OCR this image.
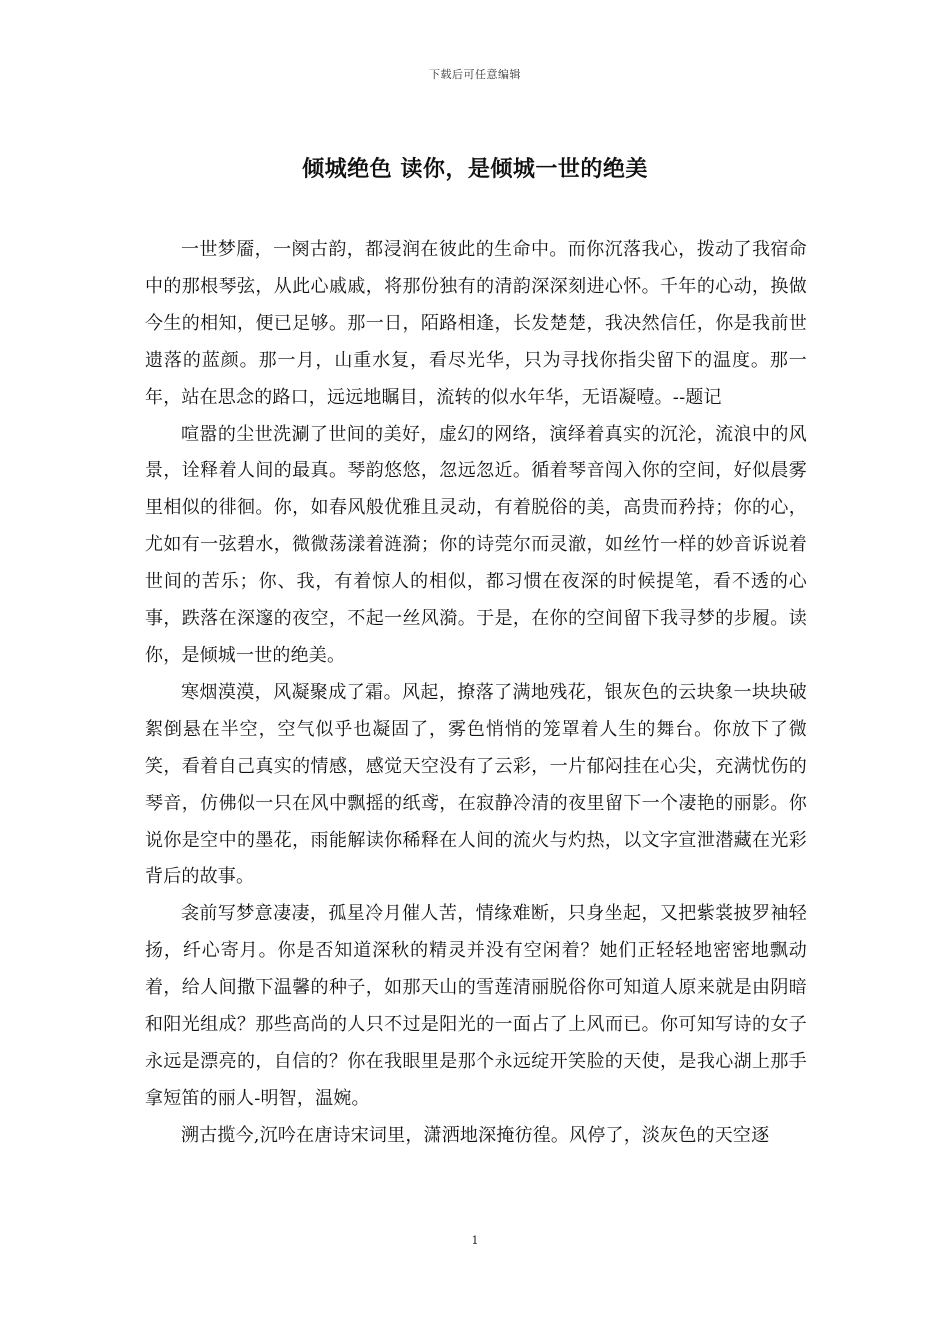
下载后可任意编辑
倾城绝色 读你，是倾城一世的绝美

一世梦靥，一阕古韵，都浸润在彼此的生命中。而你沉落我心，拨动了我宿命中的那根琴弦，从此心戚戚，将那份独有的清韵深深刻进心怀。千年的心动，换做今生的相知，便已足够。那一日，陌路相逢，长发楚楚，我决然信任，你是我前世遗落的蓝颜。那一月，山重水复，看尽光华，只为寻找你指尖留下的温度。那一年，站在思念的路口，远远地瞩目，流转的似水年华，无语凝噎。--题记

喧嚣的尘世洗涮了世间的美好，虚幻的网络，演绎着真实的沉沦，流浪中的风景，诠释着人间的最真。琴韵悠悠，忽远忽近。循着琴音闯入你的空间，好似晨雾里相似的徘徊。你，如春风般优雅且灵动，有着脱俗的美，高贵而矜持；你的心，尤如有一弦碧水，微微荡漾着涟漪；你的诗莞尔而灵澈，如丝竹一样的妙音诉说着世间的苦乐；你、我，有着惊人的相似，都习惯在夜深的时候提笔，看不透的心事，跌落在深邃的夜空，不起一丝风漪。于是，在你的空间留下我寻梦的步履。读你，是倾城一世的绝美。

寒烟漠漠，风凝聚成了霜。风起，撩落了满地残花，银灰色的云块象一块块破絮倒悬在半空，空气似乎也凝固了，雾色悄悄的笼罩着人生的舞台。你放下了微笑，看着自己真实的情感，感觉天空没有了云彩，一片郁闷挂在心尖，充满忧伤的琴音，仿佛似一只在风中飘摇的纸鸢，在寂静冷清的夜里留下一个凄艳的丽影。你说你是空中的墨花，雨能解读你稀释在人间的流火与灼热，以文字宣泄潜藏在光彩背后的故事。

衾前写梦意凄凄，孤星冷月催人苦，情缘难断，只身坐起，又把紫裳披罗袖轻扬，纤心寄月。你是否知道深秋的精灵并没有空闲着？她们正轻轻地密密地飘动着，给人间撒下温馨的种子，如那天山的雪莲清丽脱俗你可知道人原来就是由阴暗和阳光组成？那些高尚的人只不过是阳光的一面占了上风而已。你可知写诗的女子永远是漂亮的，自信的？你在我眼里是那个永远绽开笑脸的天使，是我心湖上那手拿短笛的丽人-明智，温婉。

溯古揽今,沉吟在唐诗宋词里，潇洒地深掩彷徨。风停了，淡灰色的天空逐

1
